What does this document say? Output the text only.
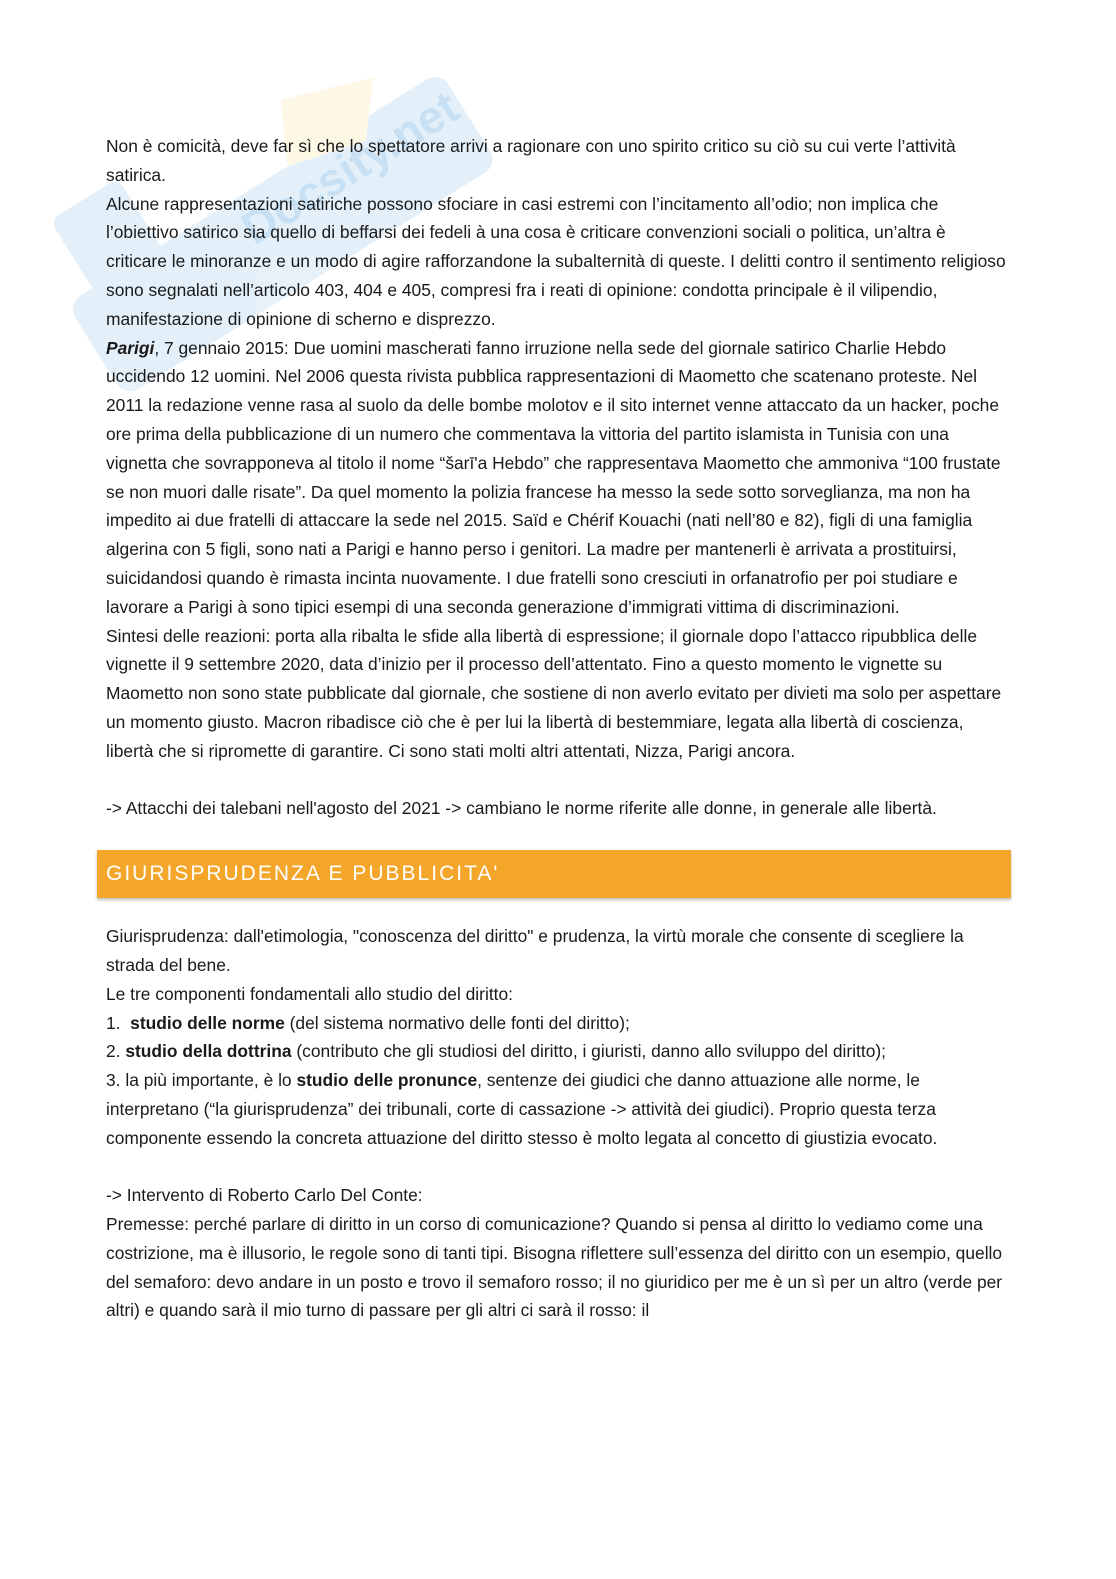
Docsity.net

Non è comicità, deve far sì che lo spettatore arrivi a ragionare con uno spirito critico su ciò su cui verte l’attività satirica.

Alcune rappresentazioni satiriche possono sfociare in casi estremi con l’incitamento all’odio; non implica che l’obiettivo satirico sia quello di beffarsi dei fedeli à una cosa è criticare convenzioni sociali o politica, un’altra è criticare le minoranze e un modo di agire rafforzandone la subalternità di queste. I delitti contro il sentimento religioso sono segnalati nell’articolo 403, 404 e 405, compresi fra i reati di opinione: condotta principale è il vilipendio, manifestazione di opinione di scherno e disprezzo.

Parigi, 7 gennaio 2015: Due uomini mascherati fanno irruzione nella sede del giornale satirico Charlie Hebdo uccidendo 12 uomini. Nel 2006 questa rivista pubblica rappresentazioni di Maometto che scatenano proteste. Nel 2011 la redazione venne rasa al suolo da delle bombe molotov e il sito internet venne attaccato da un hacker, poche ore prima della pubblicazione di un numero che commentava la vittoria del partito islamista in Tunisia con una vignetta che sovrapponeva al titolo il nome “šarī'a Hebdo” che rappresentava Maometto che ammoniva “100 frustate se non muori dalle risate”. Da quel momento la polizia francese ha messo la sede sotto sorveglianza, ma non ha impedito ai due fratelli di attaccare la sede nel 2015. Saïd e Chérif Kouachi (nati nell’80 e 82), figli di una famiglia algerina con 5 figli, sono nati a Parigi e hanno perso i genitori. La madre per mantenerli è arrivata a prostituirsi, suicidandosi quando è rimasta incinta nuovamente. I due fratelli sono cresciuti in orfanatrofio per poi studiare e lavorare a Parigi à sono tipici esempi di una seconda generazione d’immigrati vittima di discriminazioni.

Sintesi delle reazioni: porta alla ribalta le sfide alla libertà di espressione; il giornale dopo l’attacco ripubblica delle vignette il 9 settembre 2020, data d’inizio per il processo dell’attentato. Fino a questo momento le vignette su Maometto non sono state pubblicate dal giornale, che sostiene di non averlo evitato per divieti ma solo per aspettare un momento giusto. Macron ribadisce ciò che è per lui la libertà di bestemmiare, legata alla libertà di coscienza, libertà che si ripromette di garantire. Ci sono stati molti altri attentati, Nizza, Parigi ancora.

-> Attacchi dei talebani nell'agosto del 2021 -> cambiano le norme riferite alle donne, in generale alle libertà.

GIURISPRUDENZA E PUBBLICITA'

Giurisprudenza: dall'etimologia, "conoscenza del diritto" e prudenza, la virtù morale che consente di scegliere la strada del bene.

Le tre componenti fondamentali allo studio del diritto:

1.  studio delle norme (del sistema normativo delle fonti del diritto);

2. studio della dottrina (contributo che gli studiosi del diritto, i giuristi, danno allo sviluppo del diritto);

3. la più importante, è lo studio delle pronunce, sentenze dei giudici che danno attuazione alle norme, le interpretano (“la giurisprudenza” dei tribunali, corte di cassazione -> attività dei giudici). Proprio questa terza componente essendo la concreta attuazione del diritto stesso è molto legata al concetto di giustizia evocato.

-> Intervento di Roberto Carlo Del Conte:

Premesse: perché parlare di diritto in un corso di comunicazione? Quando si pensa al diritto lo vediamo come una costrizione, ma è illusorio, le regole sono di tanti tipi. Bisogna riflettere sull’essenza del diritto con un esempio, quello del semaforo: devo andare in un posto e trovo il semaforo rosso; il no giuridico per me è un sì per un altro (verde per altri) e quando sarà il mio turno di passare per gli altri ci sarà il rosso: il
